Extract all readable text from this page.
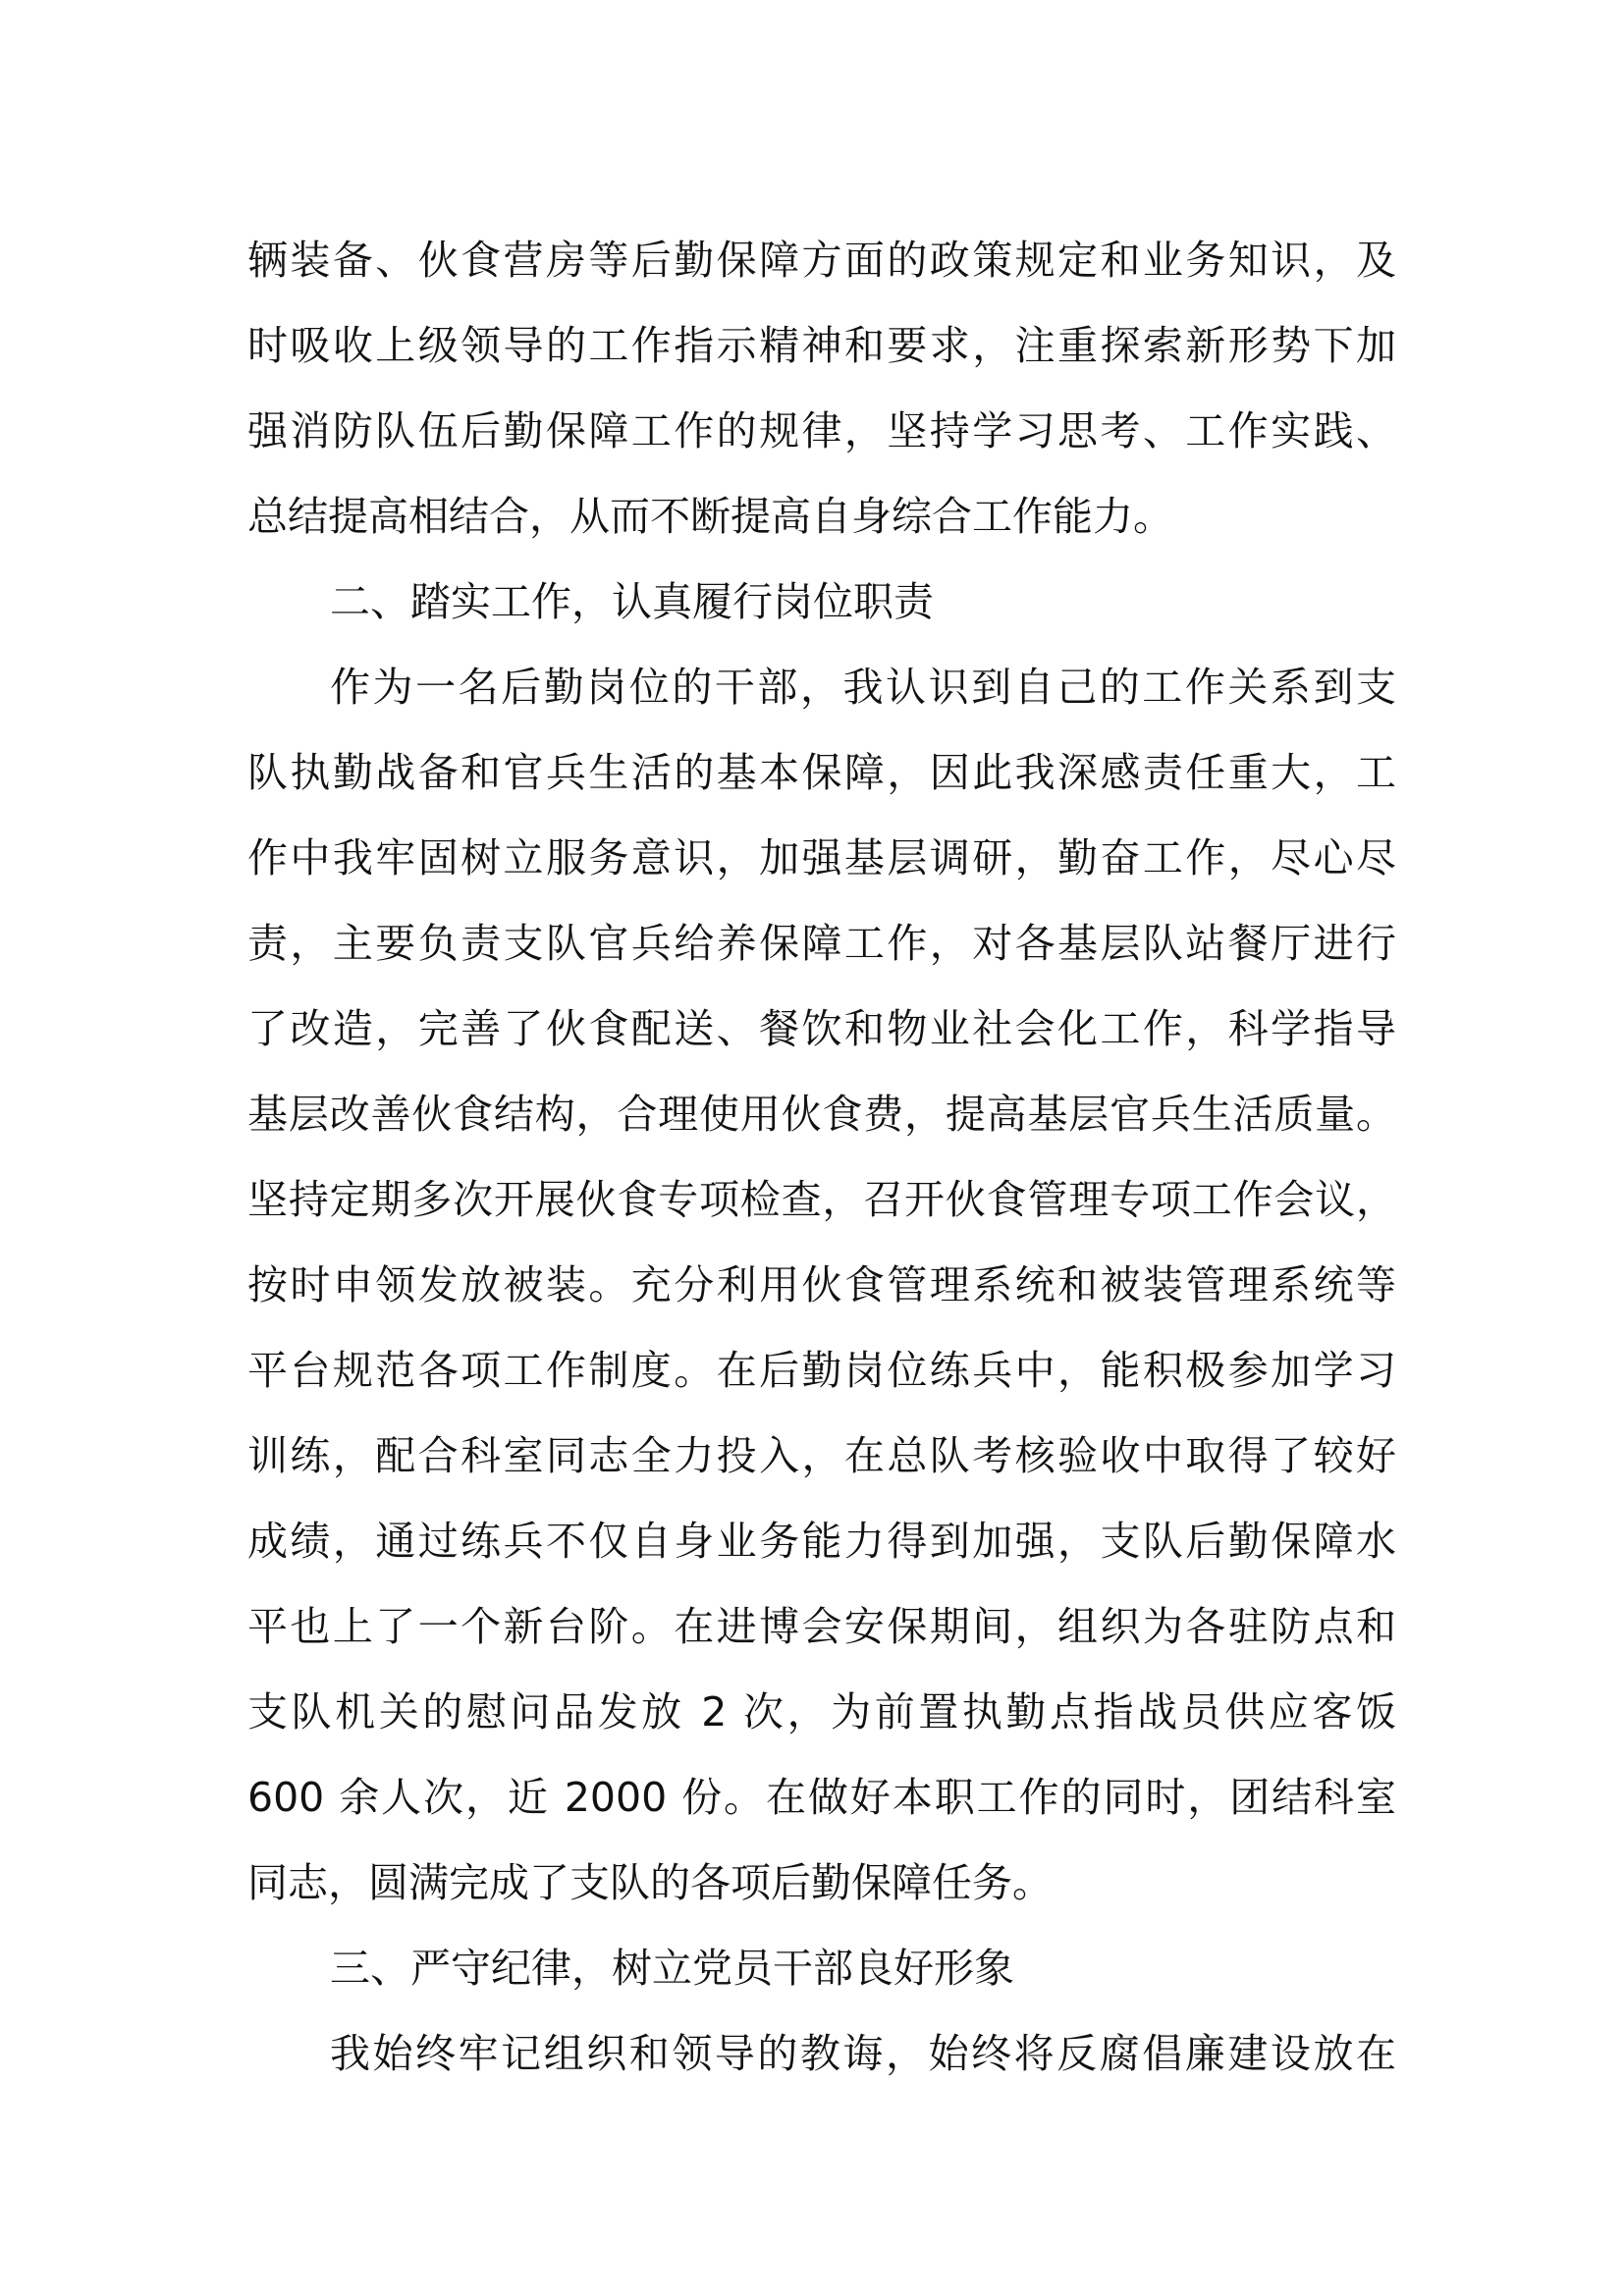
辆装备、伙食营房等后勤保障方面的政策规定和业务知识，及
时吸收上级领导的工作指示精神和要求，注重探索新形势下加
强消防队伍后勤保障工作的规律，坚持学习思考、工作实践、
总结提高相结合，从而不断提高自身综合工作能力。
二、踏实工作，认真履行岗位职责
作为一名后勤岗位的干部，我认识到自己的工作关系到支
队执勤战备和官兵生活的基本保障，因此我深感责任重大，工
作中我牢固树立服务意识，加强基层调研，勤奋工作，尽心尽
责，主要负责支队官兵给养保障工作，对各基层队站餐厅进行
了改造，完善了伙食配送、餐饮和物业社会化工作，科学指导
基层改善伙食结构，合理使用伙食费，提高基层官兵生活质量。
坚持定期多次开展伙食专项检查，召开伙食管理专项工作会议，
按时申领发放被装。充分利用伙食管理系统和被装管理系统等
平台规范各项工作制度。在后勤岗位练兵中，能积极参加学习
训练，配合科室同志全力投入，在总队考核验收中取得了较好
成绩，通过练兵不仅自身业务能力得到加强，支队后勤保障水
平也上了一个新台阶。在进博会安保期间，组织为各驻防点和
支队机关的慰问品发放 2 次，为前置执勤点指战员供应客饭
600 余人次，近 2000 份。在做好本职工作的同时，团结科室
同志，圆满完成了支队的各项后勤保障任务。
三、严守纪律，树立党员干部良好形象
我始终牢记组织和领导的教诲，始终将反腐倡廉建设放在
